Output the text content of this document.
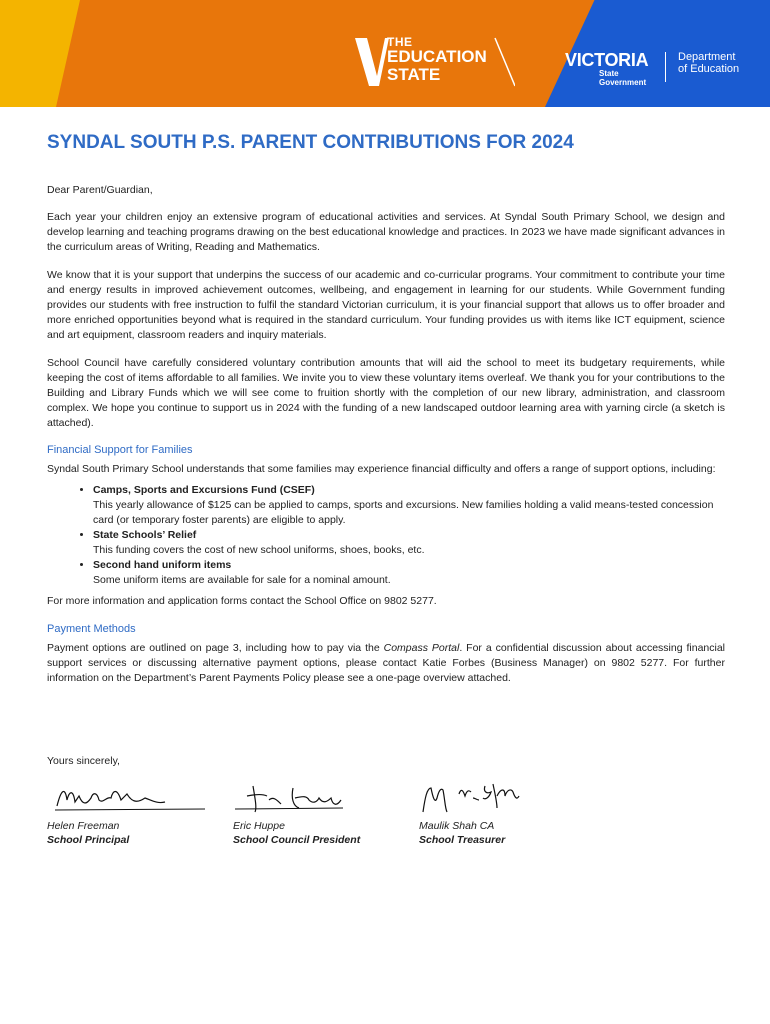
THE
EDUCATION
STATE
VICTORIA
State
Government
Department
of Education
SYNDAL SOUTH P.S. PARENT CONTRIBUTIONS FOR 2024

Dear Parent/Guardian,

Each year your children enjoy an extensive program of educational activities and services. At Syndal South Primary School, we design and develop learning and teaching programs drawing on the best educational knowledge and practices. In 2023 we have made significant advances in the curriculum areas of Writing, Reading and Mathematics.

We know that it is your support that underpins the success of our academic and co-curricular programs. Your commitment to contribute your time and energy results in improved achievement outcomes, wellbeing, and engagement in learning for our students. While Government funding provides our students with free instruction to fulfil the standard Victorian curriculum, it is your financial support that allows us to offer broader and more enriched opportunities beyond what is required in the standard curriculum. Your funding provides us with items like ICT equipment, science and art equipment, classroom readers and inquiry materials.

School Council have carefully considered voluntary contribution amounts that will aid the school to meet its budgetary requirements, while keeping the cost of items affordable to all families. We invite you to view these voluntary items overleaf. We thank you for your contributions to the Building and Library Funds which we will see come to fruition shortly with the completion of our new library, administration, and classroom complex. We hope you continue to support us in 2024 with the funding of a new landscaped outdoor learning area with yarning circle (a sketch is attached).

Financial Support for Families

Syndal South Primary School understands that some families may experience financial difficulty and offers a range of support options, including:

• Camps, Sports and Excursions Fund (CSEF)
This yearly allowance of $125 can be applied to camps, sports and excursions. New families holding a valid means-tested concession card (or temporary foster parents) are eligible to apply.
• State Schools’ Relief
This funding covers the cost of new school uniforms, shoes, books, etc.
• Second hand uniform items
Some uniform items are available for sale for a nominal amount.

For more information and application forms contact the School Office on 9802 5277.

Payment Methods

Payment options are outlined on page 3, including how to pay via the Compass Portal. For a confidential discussion about accessing financial support services or discussing alternative payment options, please contact Katie Forbes (Business Manager) on 9802 5277. For further information on the Department’s Parent Payments Policy please see a one-page overview attached.

Yours sincerely,
Helen Freeman
School Principal
Eric Huppe
School Council President
Maulik Shah CA
School Treasurer
